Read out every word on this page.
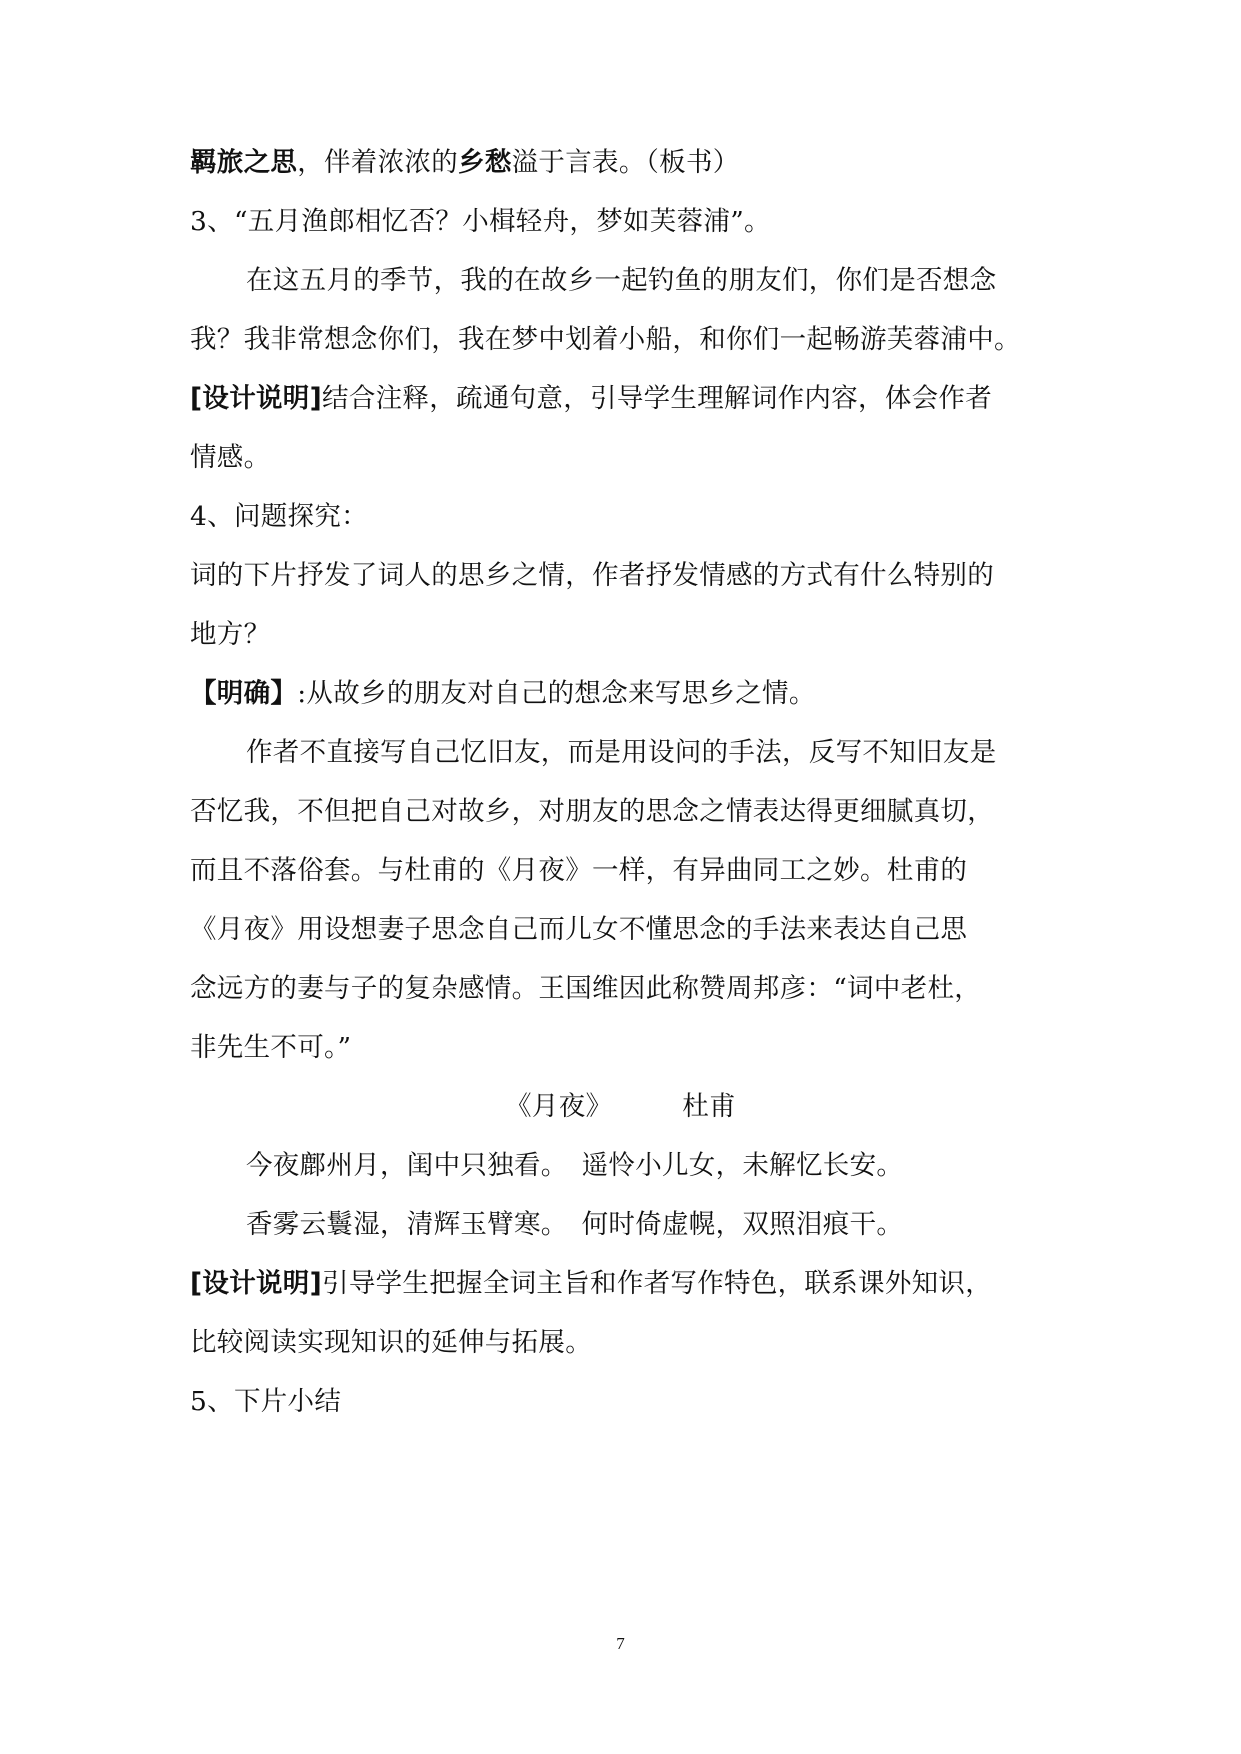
羁旅之思，伴着浓浓的乡愁溢于言表。（板书）
3、“五月渔郎相忆否？小楫轻舟，梦如芙蓉浦”。
在这五月的季节，我的在故乡一起钓鱼的朋友们，你们是否想念
我？我非常想念你们，我在梦中划着小船，和你们一起畅游芙蓉浦中。
[设计说明]结合注释，疏通句意，引导学生理解词作内容，体会作者
情感。
4、问题探究：
词的下片抒发了词人的思乡之情，作者抒发情感的方式有什么特别的
地方？
【明确】:从故乡的朋友对自己的想念来写思乡之情。
作者不直接写自己忆旧友，而是用设问的手法，反写不知旧友是
否忆我，不但把自己对故乡，对朋友的思念之情表达得更细腻真切，
而且不落俗套。与杜甫的《月夜》一样，有异曲同工之妙。杜甫的
《月夜》用设想妻子思念自己而儿女不懂思念的手法来表达自己思
念远方的妻与子的复杂感情。王国维因此称赞周邦彦：“词中老杜，
非先生不可。”
《月夜》	杜甫
今夜鄜州月，闺中只独看。 遥怜小儿女，未解忆长安。
香雾云鬟湿，清辉玉臂寒。 何时倚虚幌，双照泪痕干。
[设计说明]引导学生把握全词主旨和作者写作特色，联系课外知识，
比较阅读实现知识的延伸与拓展。
5、下片小结
7
